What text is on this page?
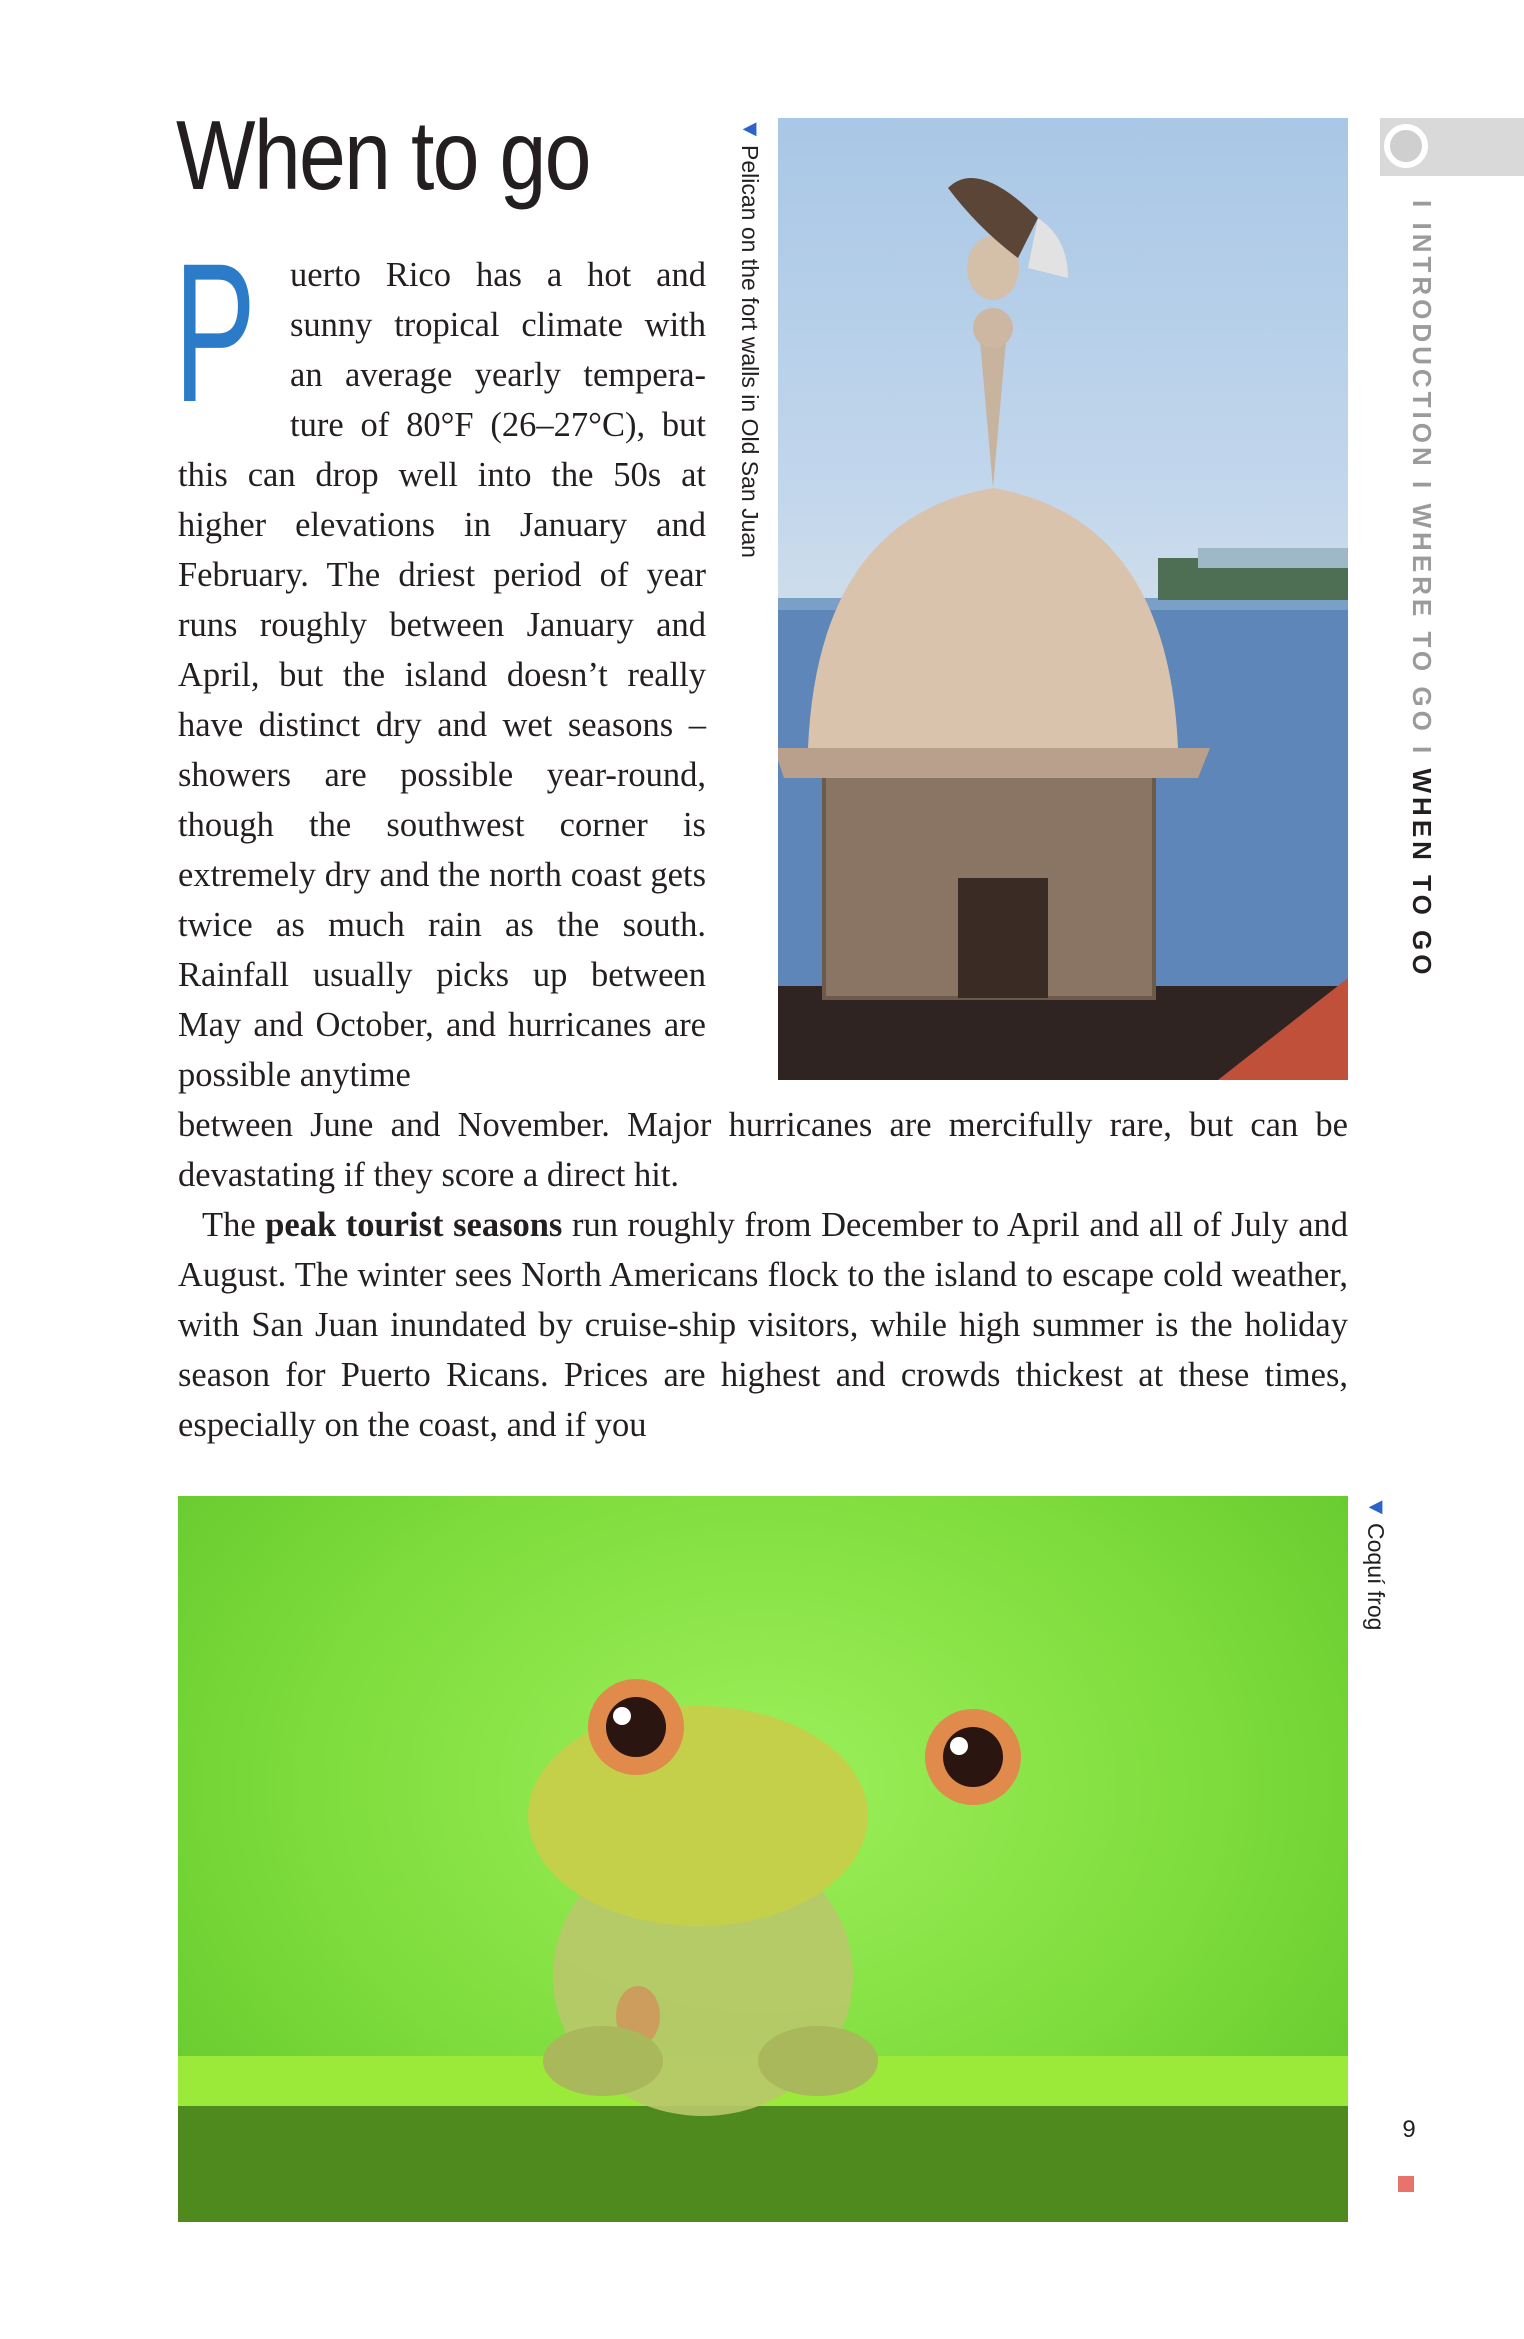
When to go

Puerto Rico has a hot and sunny tropical climate with an average yearly tempera-ture of 80°F (26–27°C), but this can drop well into the 50s at higher elevations in January and February. The driest period of year runs roughly between January and April, but the island doesn’t really have distinct dry and wet seasons – showers are possible year-round, though the southwest corner is extremely dry and the north coast gets twice as much rain as the south. Rainfall usually picks up between May and October, and hurricanes are possible anytime

between June and November. Major hurricanes are mercifully rare, but can be devastating if they score a direct hit.

The peak tourist seasons run roughly from December to April and all of July and August. The winter sees North Americans flock to the island to escape cold weather, with San Juan inundated by cruise-ship visitors, while high summer is the holiday season for Puerto Ricans. Prices are highest and crowds thickest at these times, especially on the coast, and if you

◀Pelican on the fort walls in Old San Juan
◀Coquí frog
I INTRODUCTION I WHERE TO GO I WHEN TO GO
9
